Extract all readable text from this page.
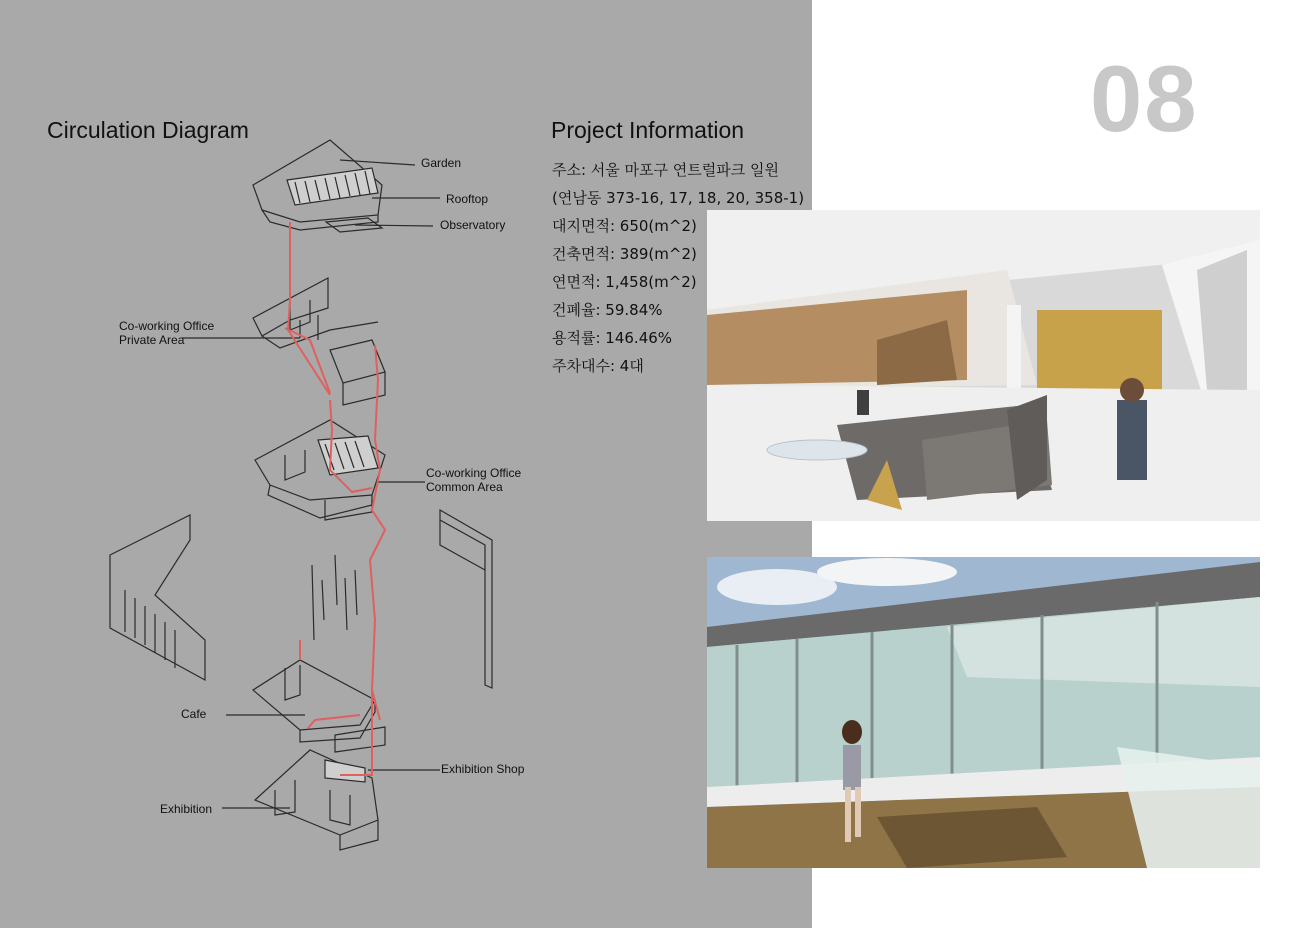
08
Circulation Diagram	Project Information
주소: 서울 마포구 연트럴파크 일원
(연남동 373-16, 17, 18, 20, 358-1)
대지면적: 650(m^2)
건축면적: 389(m^2)
연면적: 1,458(m^2)
건폐율: 59.84%
용적률: 146.46%
주차대수: 4대
Garden
Rooftop
Observatory
Co-working Office
Private Area
Co-working Office
Common Area
Cafe
Exhibition Shop
Exhibition
